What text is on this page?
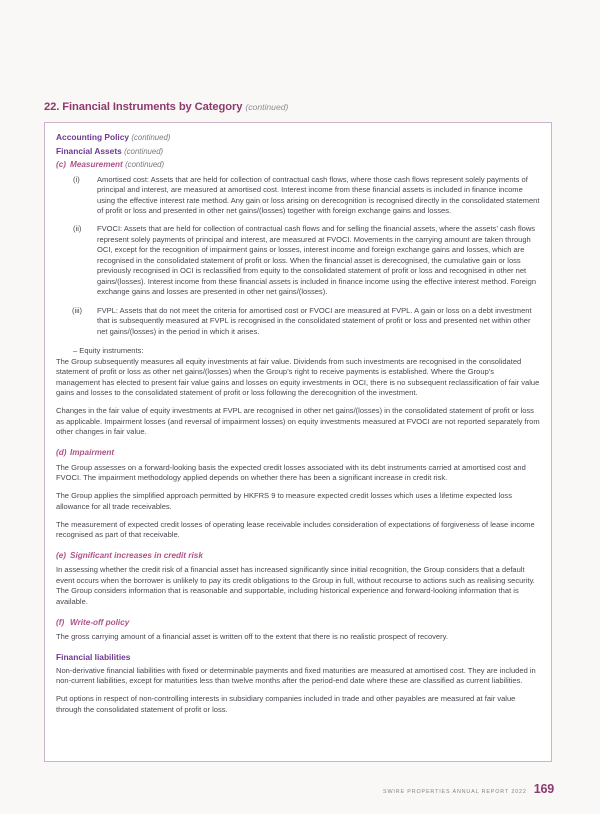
22. Financial Instruments by Category (continued)
Accounting Policy (continued)
Financial Assets (continued)
(c) Measurement (continued)
(i) Amortised cost: Assets that are held for collection of contractual cash flows, where those cash flows represent solely payments of principal and interest, are measured at amortised cost. Interest income from these financial assets is included in finance income using the effective interest rate method. Any gain or loss arising on derecognition is recognised directly in the consolidated statement of profit or loss and presented in other net gains/(losses) together with foreign exchange gains and losses.

(ii) FVOCI: Assets that are held for collection of contractual cash flows and for selling the financial assets, where the assets’ cash flows represent solely payments of principal and interest, are measured at FVOCI. Movements in the carrying amount are taken through OCI, except for the recognition of impairment gains or losses, interest income and foreign exchange gains and losses, which are recognised in the consolidated statement of profit or loss. When the financial asset is derecognised, the cumulative gain or loss previously recognised in OCI is reclassified from equity to the consolidated statement of profit or loss and recognised in other net gains/(losses). Interest income from these financial assets is included in finance income using the effective interest method. Foreign exchange gains and losses are presented in other net gains/(losses).

(iii) FVPL: Assets that do not meet the criteria for amortised cost or FVOCI are measured at FVPL. A gain or loss on a debt investment that is subsequently measured at FVPL is recognised in the consolidated statement of profit or loss and presented net within other net gains/(losses) in the period in which it arises.

– Equity instruments:

The Group subsequently measures all equity investments at fair value. Dividends from such investments are recognised in the consolidated statement of profit or loss as other net gains/(losses) when the Group’s right to receive payments is established. Where the Group’s management has elected to present fair value gains and losses on equity investments in OCI, there is no subsequent reclassification of fair value gains and losses to the consolidated statement of profit or loss following the derecognition of the investment.

Changes in the fair value of equity investments at FVPL are recognised in other net gains/(losses) in the consolidated statement of profit or loss as applicable. Impairment losses (and reversal of impairment losses) on equity investments measured at FVOCI are not reported separately from other changes in fair value.

(d) Impairment

The Group assesses on a forward-looking basis the expected credit losses associated with its debt instruments carried at amortised cost and FVOCI. The impairment methodology applied depends on whether there has been a significant increase in credit risk.

The Group applies the simplified approach permitted by HKFRS 9 to measure expected credit losses which uses a lifetime expected loss allowance for all trade receivables.

The measurement of expected credit losses of operating lease receivable includes consideration of expectations of forgiveness of lease income recognised as part of that receivable.

(e) Significant increases in credit risk

In assessing whether the credit risk of a financial asset has increased significantly since initial recognition, the Group considers that a default event occurs when the borrower is unlikely to pay its credit obligations to the Group in full, without recourse to actions such as realising security. The Group considers information that is reasonable and supportable, including historical experience and forward-looking information that is available.

(f) Write-off policy

The gross carrying amount of a financial asset is written off to the extent that there is no realistic prospect of recovery.

Financial liabilities

Non-derivative financial liabilities with fixed or determinable payments and fixed maturities are measured at amortised cost. They are included in non-current liabilities, except for maturities less than twelve months after the period-end date where these are classified as current liabilities.

Put options in respect of non-controlling interests in subsidiary companies included in trade and other payables are measured at fair value through the consolidated statement of profit or loss.

SWIRE PROPERTIES ANNUAL REPORT 2022 169
